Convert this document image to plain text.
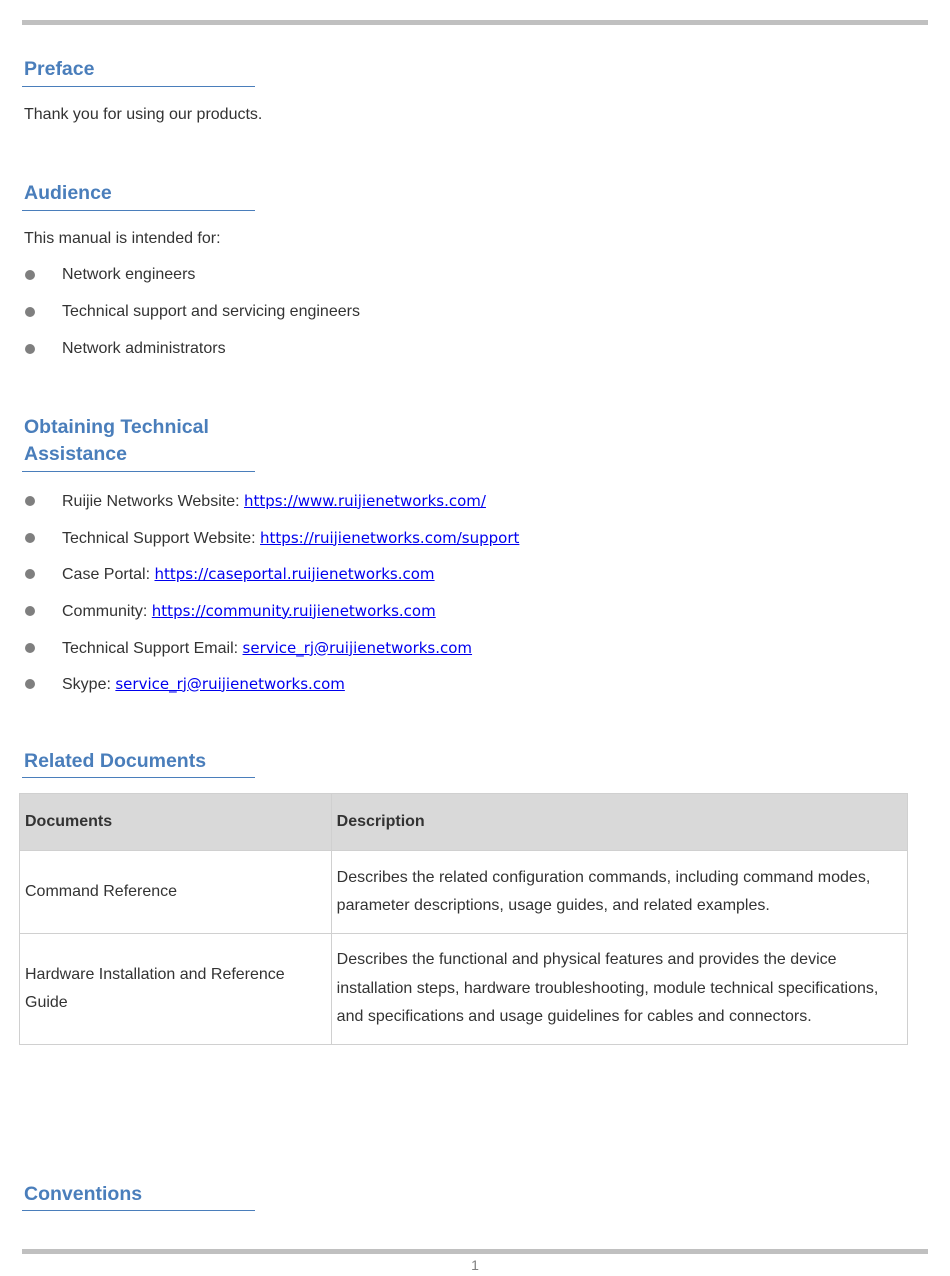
Preface

Thank you for using our products.

Audience

This manual is intended for:

Network engineers
Technical support and servicing engineers
Network administrators
Obtaining Technical
Assistance
Ruijie Networks Website: https://www.ruijienetworks.com/
Technical Support Website: https://ruijienetworks.com/support
Case Portal: https://caseportal.ruijienetworks.com
Community: https://community.ruijienetworks.com
Technical Support Email: service_rj@ruijienetworks.com
Skype: service_rj@ruijienetworks.com
Related Documents
Documents	Description
Command Reference	Describes the related configuration commands, including command modes, parameter descriptions, usage guides, and related examples.
Hardware Installation and Reference Guide	Describes the functional and physical features and provides the device installation steps, hardware troubleshooting, module technical specifications, and specifications and usage guidelines for cables and connectors.
Conventions
1
